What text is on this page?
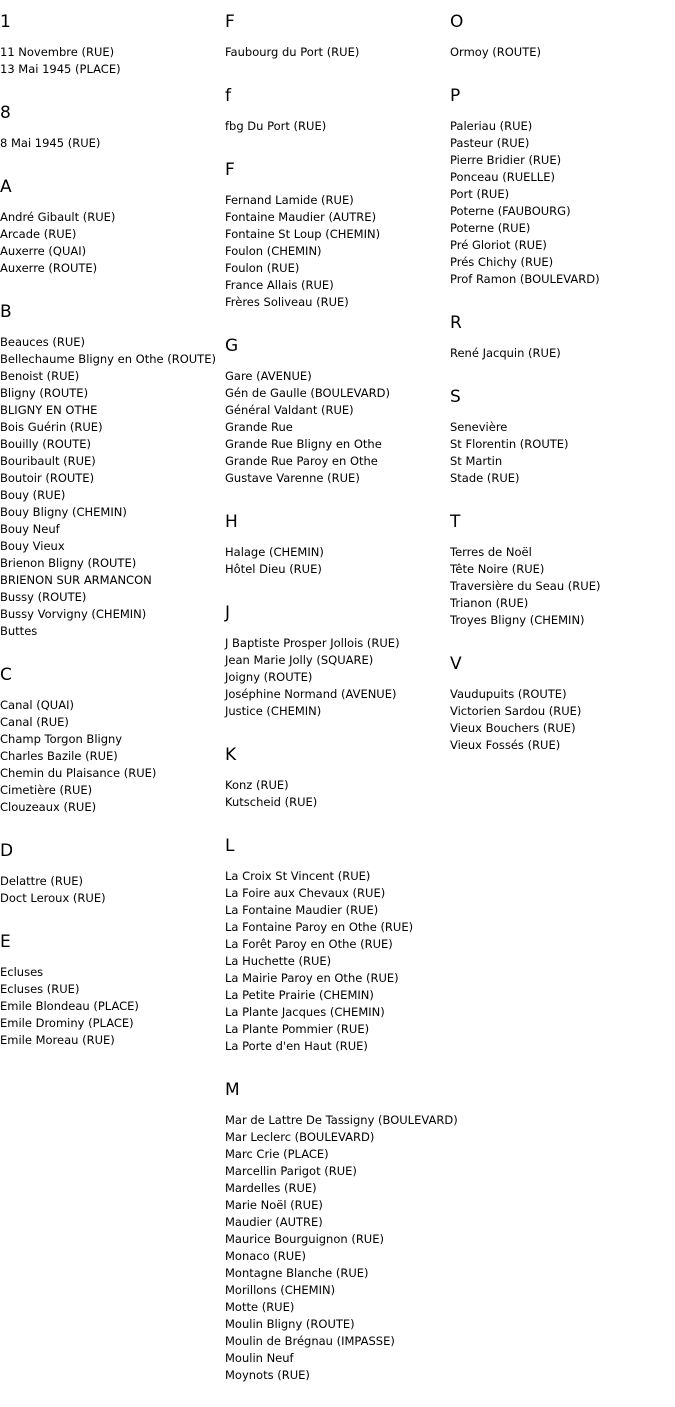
1
11 Novembre (RUE)
13 Mai 1945 (PLACE)
8
8 Mai 1945 (RUE)
A
André Gibault (RUE)
Arcade (RUE)
Auxerre (QUAI)
Auxerre (ROUTE)
B
Beauces (RUE)
Bellechaume Bligny en Othe (ROUTE)
Benoist (RUE)
Bligny (ROUTE)
BLIGNY EN OTHE
Bois Guérin (RUE)
Bouilly (ROUTE)
Bouribault (RUE)
Boutoir (ROUTE)
Bouy (RUE)
Bouy Bligny (CHEMIN)
Bouy Neuf
Bouy Vieux
Brienon Bligny (ROUTE)
BRIENON SUR ARMANCON
Bussy (ROUTE)
Bussy Vorvigny (CHEMIN)
Buttes
C
Canal (QUAI)
Canal (RUE)
Champ Torgon Bligny
Charles Bazile (RUE)
Chemin du Plaisance (RUE)
Cimetière (RUE)
Clouzeaux (RUE)
D
Delattre (RUE)
Doct Leroux (RUE)
E
Ecluses
Ecluses (RUE)
Emile Blondeau (PLACE)
Emile Drominy (PLACE)
Emile Moreau (RUE)
F
Faubourg du Port (RUE)
f
fbg Du Port (RUE)
F
Fernand Lamide (RUE)
Fontaine Maudier (AUTRE)
Fontaine St Loup (CHEMIN)
Foulon (CHEMIN)
Foulon (RUE)
France Allais (RUE)
Frères Soliveau (RUE)
G
Gare (AVENUE)
Gén de Gaulle (BOULEVARD)
Général Valdant (RUE)
Grande Rue
Grande Rue Bligny en Othe
Grande Rue Paroy en Othe
Gustave Varenne (RUE)
H
Halage (CHEMIN)
Hôtel Dieu (RUE)
J
J Baptiste Prosper Jollois (RUE)
Jean Marie Jolly (SQUARE)
Joigny (ROUTE)
Joséphine Normand (AVENUE)
Justice (CHEMIN)
K
Konz (RUE)
Kutscheid (RUE)
L
La Croix St Vincent (RUE)
La Foire aux Chevaux (RUE)
La Fontaine Maudier (RUE)
La Fontaine Paroy en Othe (RUE)
La Forêt Paroy en Othe (RUE)
La Huchette (RUE)
La Mairie Paroy en Othe (RUE)
La Petite Prairie (CHEMIN)
La Plante Jacques (CHEMIN)
La Plante Pommier (RUE)
La Porte d'en Haut (RUE)
M
Mar de Lattre De Tassigny (BOULEVARD)
Mar Leclerc (BOULEVARD)
Marc Crie (PLACE)
Marcellin Parigot (RUE)
Mardelles (RUE)
Marie Noël (RUE)
Maudier (AUTRE)
Maurice Bourguignon (RUE)
Monaco (RUE)
Montagne Blanche (RUE)
Morillons (CHEMIN)
Motte (RUE)
Moulin Bligny (ROUTE)
Moulin de Brégnau (IMPASSE)
Moulin Neuf
Moynots (RUE)
O
Ormoy (ROUTE)
P
Paleriau (RUE)
Pasteur (RUE)
Pierre Bridier (RUE)
Ponceau (RUELLE)
Port (RUE)
Poterne (FAUBOURG)
Poterne (RUE)
Pré Gloriot (RUE)
Prés Chichy (RUE)
Prof Ramon (BOULEVARD)
R
René Jacquin (RUE)
S
Senevière
St Florentin (ROUTE)
St Martin
Stade (RUE)
T
Terres de Noël
Tête Noire (RUE)
Traversière du Seau (RUE)
Trianon (RUE)
Troyes Bligny (CHEMIN)
V
Vaudupuits (ROUTE)
Victorien Sardou (RUE)
Vieux Bouchers (RUE)
Vieux Fossés (RUE)
